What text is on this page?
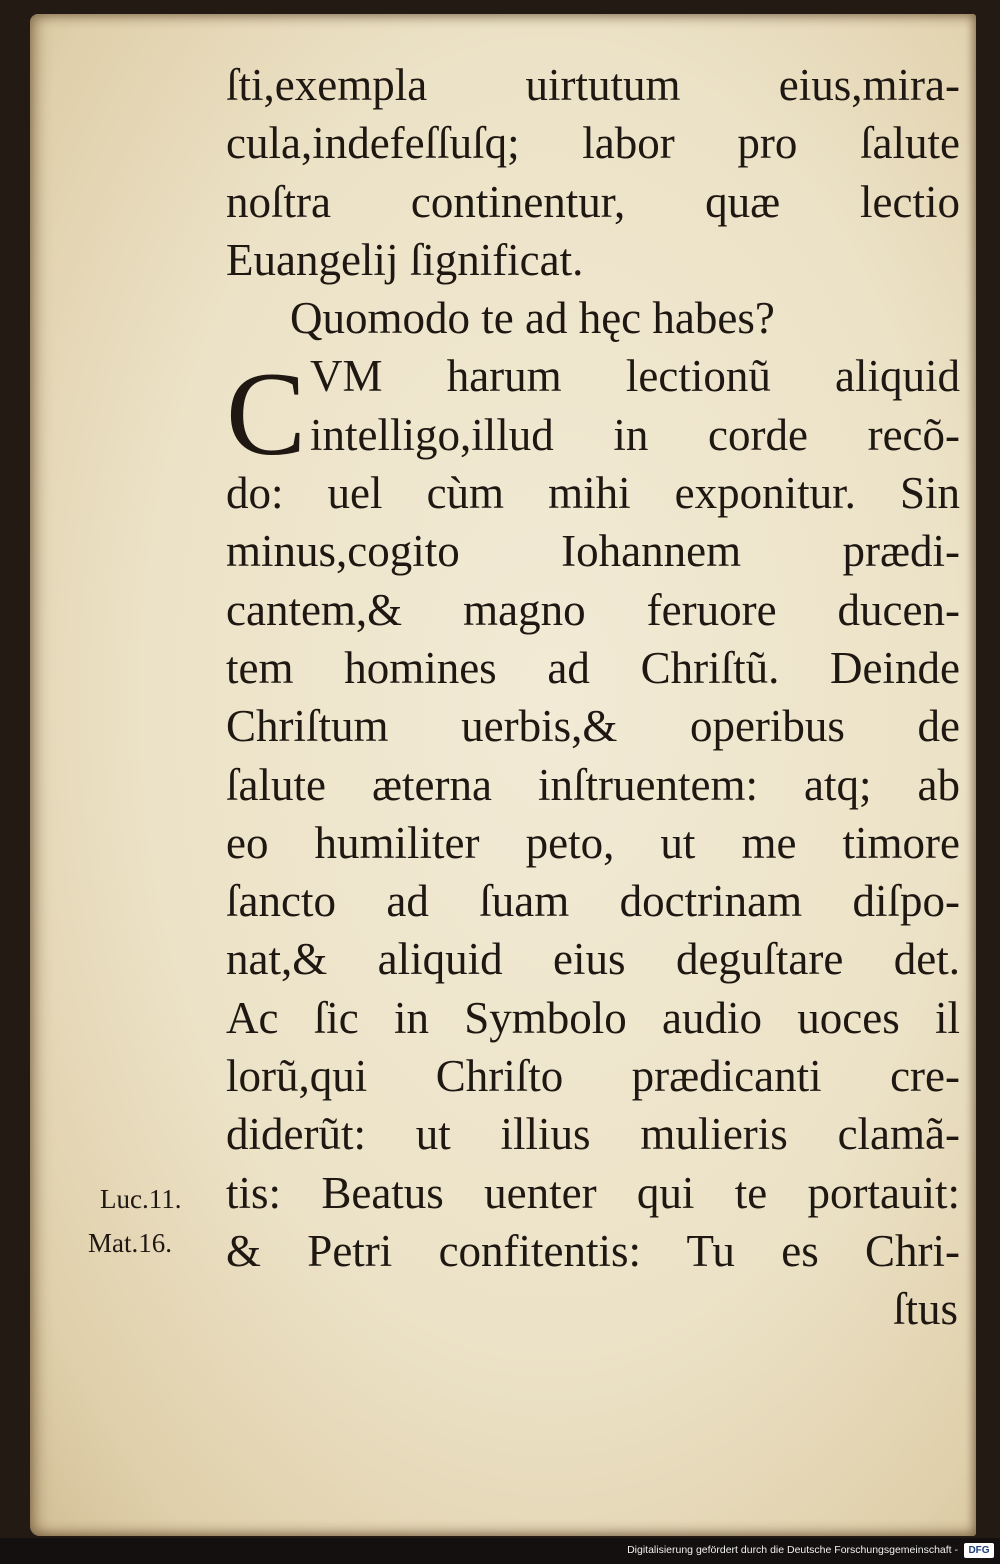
ſti,exempla uirtutum eius,mira-
cula,indefeſſuſq; labor pro ſalute
noſtra continentur, quæ lectio
Euangelij ſignificat.
Quomodo te ad hęc habes?
C VM harum lectionũ aliquid
intelligo,illud in corde recõ-
do: uel cùm mihi exponitur. Sin
minus,cogito Iohannem prædi-
cantem,& magno feruore ducen-
tem homines ad Chriſtũ. Deinde
Chriſtum uerbis,& operibus de
ſalute æterna inſtruentem: atq; ab
eo humiliter peto, ut me timore
ſancto ad ſuam doctrinam diſpo-
nat,& aliquid eius deguſtare det.
Ac ſic in Symbolo audio uoces il
lorũ,qui Chriſto prædicanti cre-
diderũt: ut illius mulieris clamã-
tis: Beatus uenter qui te portauit:
& Petri confitentis: Tu es Chri-
ſtus
Luc.11.
Mat.16.
Digitalisierung gefördert durch die Deutsche Forschungsgemeinschaft -	DFG
